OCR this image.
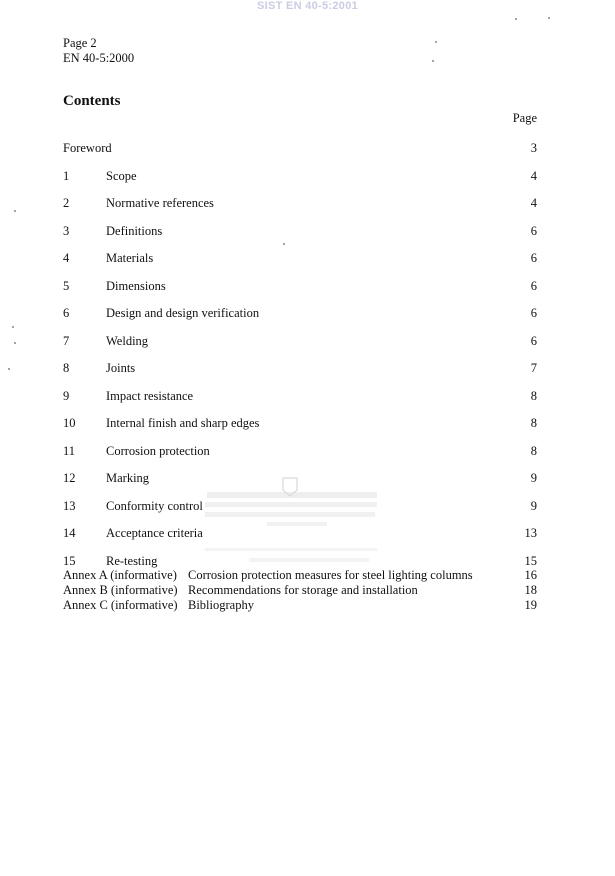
SIST EN 40-5:2001
Page 2
EN 40-5:2000
Contents
Page
Foreword	3
1	Scope	4
2	Normative references	4
3	Definitions	6
4	Materials	6
5	Dimensions	6
6	Design and design verification	6
7	Welding	6
8	Joints	7
9	Impact resistance	8
10 Internal finish and sharp edges	8
11 Corrosion protection	8
12 Marking	9
13 Conformity control	9
14 Acceptance criteria	13
15 Re-testing	15
Annex A (informative) Corrosion protection measures for steel lighting columns	16
Annex B (informative) Recommendations for storage and installation	18
Annex C (informative) Bibliography	19
